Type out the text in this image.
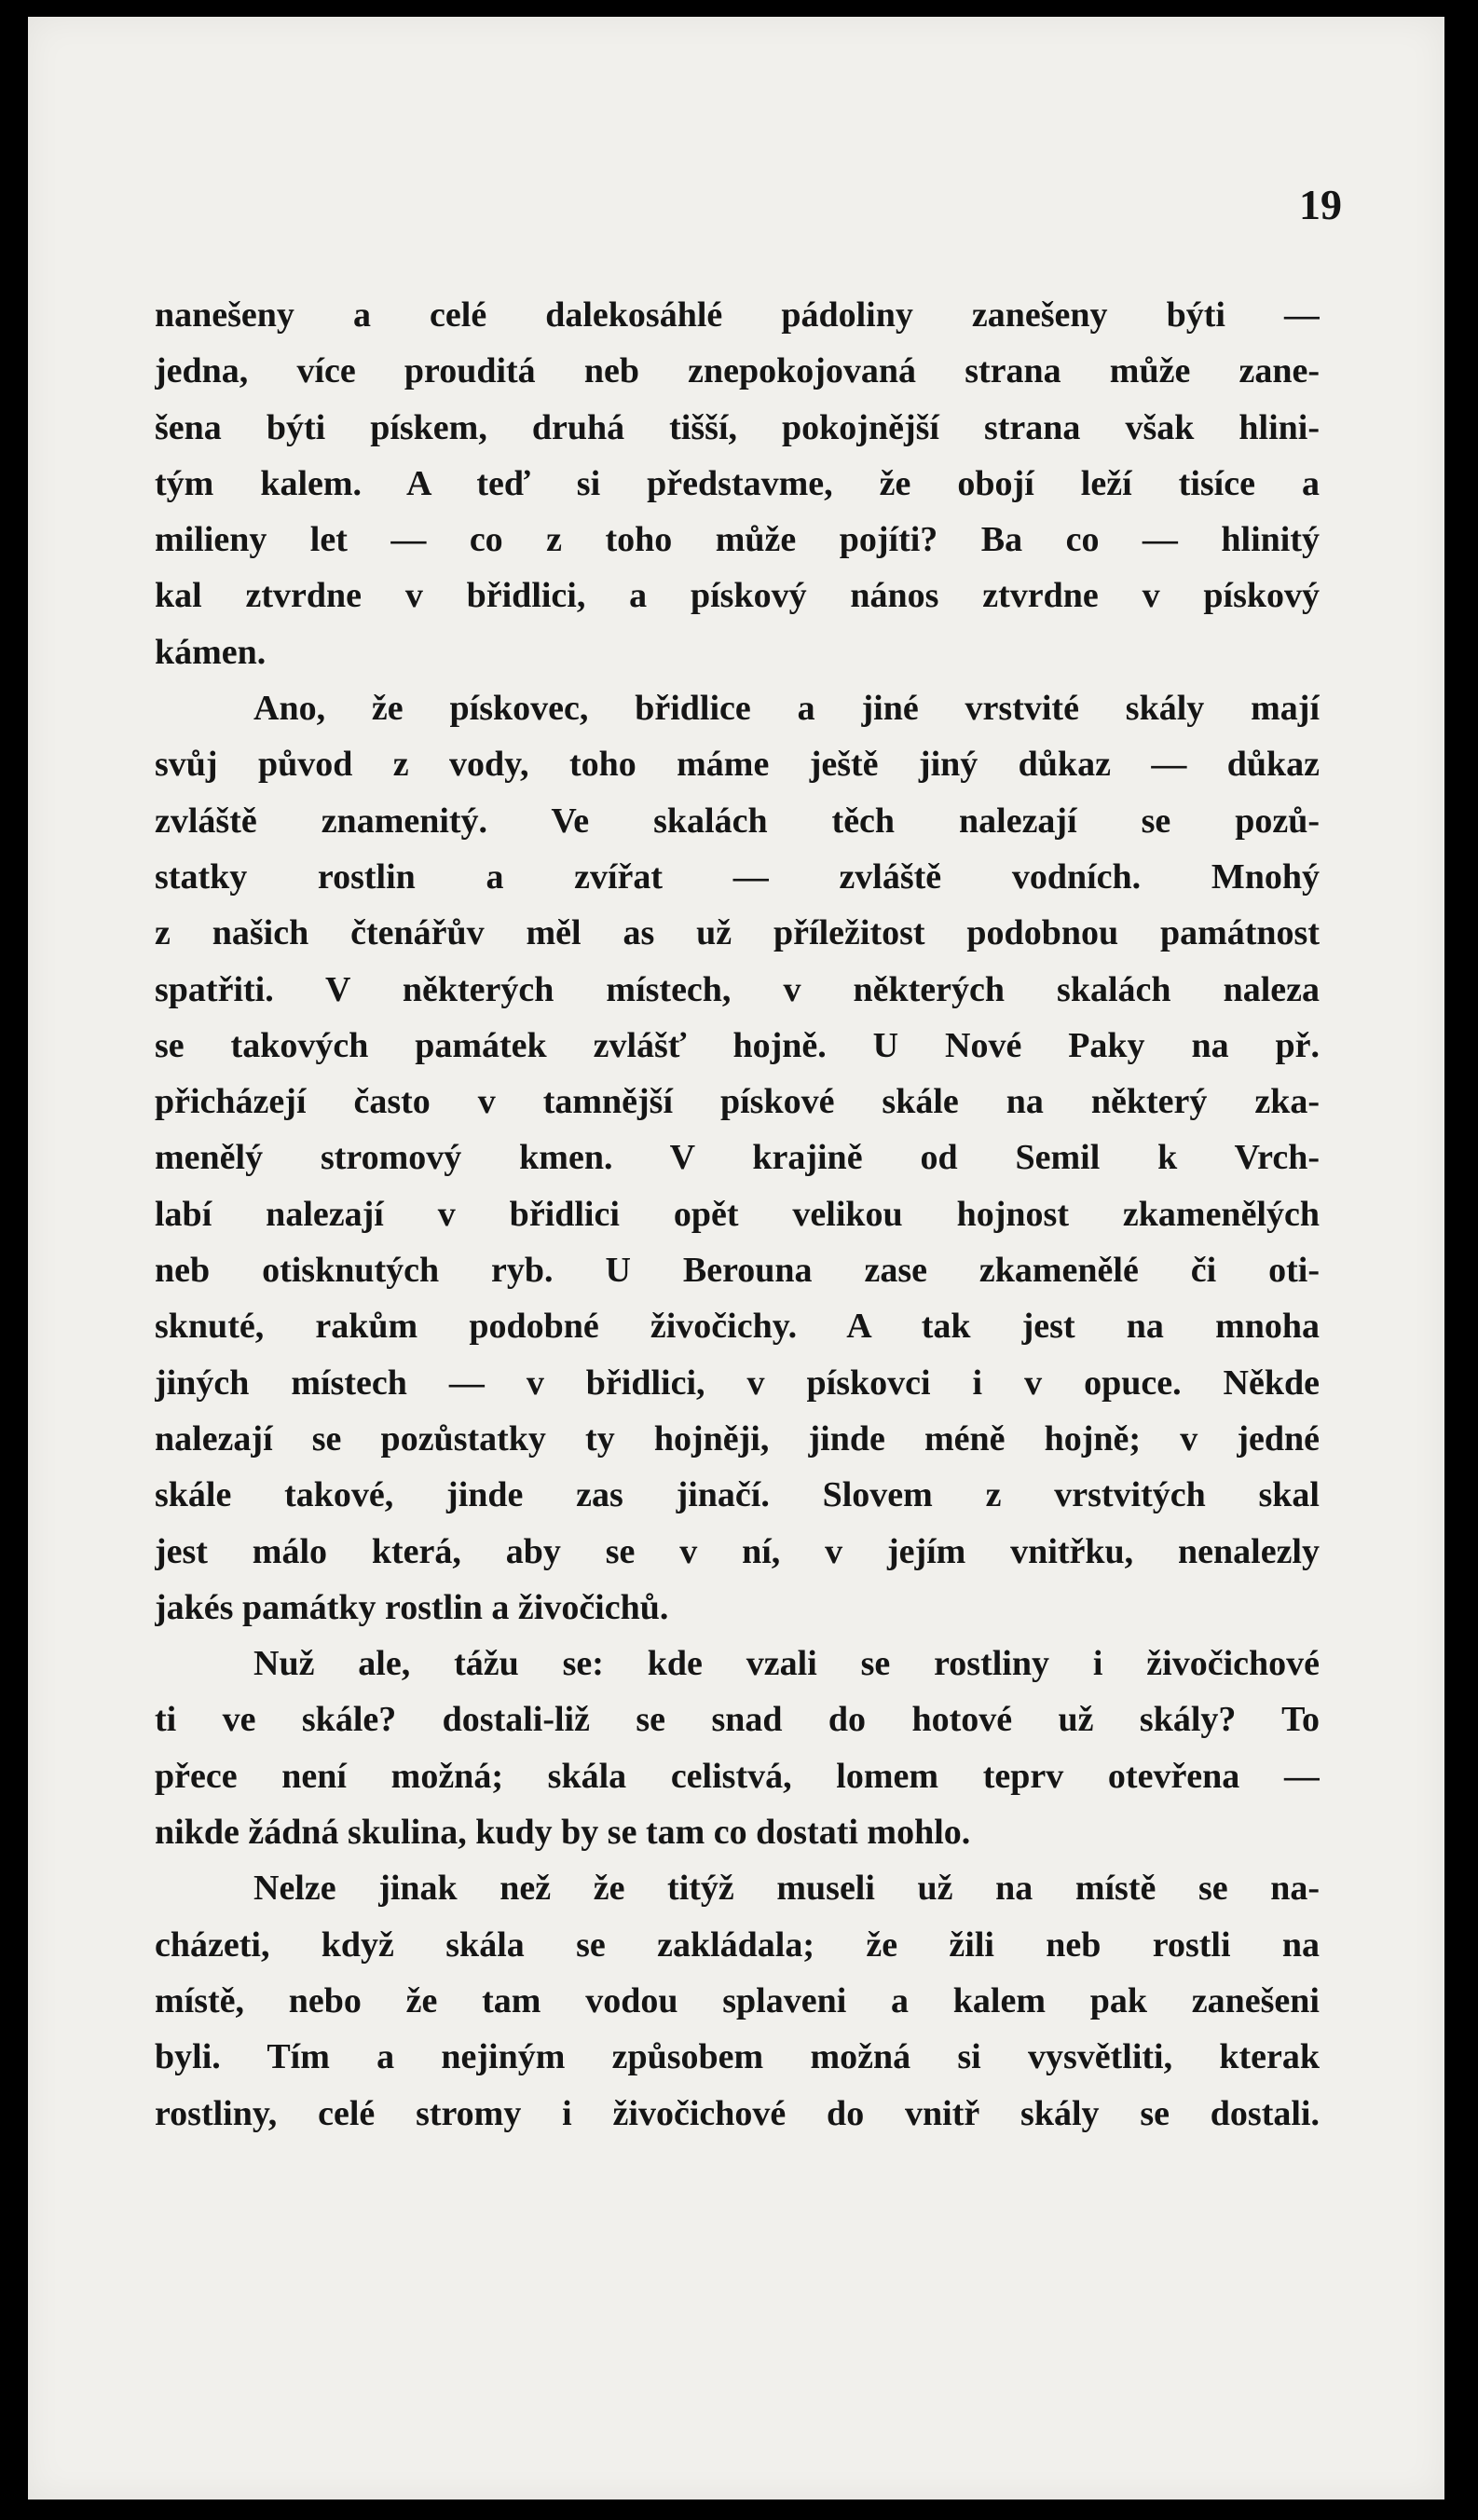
19
nanešeny a celé dalekosáhlé pádoliny zanešeny býti —
jedna, více prouditá neb znepokojovaná strana může zane-
šena býti pískem, druhá tišší, pokojnější strana však hlini-
tým kalem. A teď si představme, že obojí leží tisíce a
milieny let — co z toho může pojíti? Ba co — hlinitý
kal ztvrdne v břidlici, a pískový nános ztvrdne v pískový
kámen.
Ano, že pískovec, břidlice a jiné vrstvité skály mají
svůj původ z vody, toho máme ještě jiný důkaz — důkaz
zvláště znamenitý. Ve skalách těch nalezají se pozů-
statky rostlin a zvířat — zvláště vodních. Mnohý
z našich čtenářův měl as už příležitost podobnou památnost
spatřiti. V některých místech, v některých skalách naleza
se takových památek zvlášť hojně. U Nové Paky na př.
přicházejí často v tamnější pískové skále na některý zka-
menělý stromový kmen. V krajině od Semil k Vrch-
labí nalezají v břidlici opět velikou hojnost zkamenělých
neb otisknutých ryb. U Berouna zase zkamenělé či oti-
sknuté, rakům podobné živočichy. A tak jest na mnoha
jiných místech — v břidlici, v pískovci i v opuce. Někde
nalezají se pozůstatky ty hojněji, jinde méně hojně; v jedné
skále takové, jinde zas jinačí. Slovem z vrstvitých skal
jest málo která, aby se v ní, v jejím vnitřku, nenalezly
jakés památky rostlin a živočichů.
Nuž ale, tážu se: kde vzali se rostliny i živočichové
ti ve skále? dostali-liž se snad do hotové už skály? To
přece není možná; skála celistvá, lomem teprv otevřena —
nikde žádná skulina, kudy by se tam co dostati mohlo.
Nelze jinak než že titýž museli už na místě se na-
cházeti, když skála se zakládala; že žili neb rostli na
místě, nebo že tam vodou splaveni a kalem pak zanešeni
byli. Tím a nejiným způsobem možná si vysvětliti, kterak
rostliny, celé stromy i živočichové do vnitř skály se dostali.
